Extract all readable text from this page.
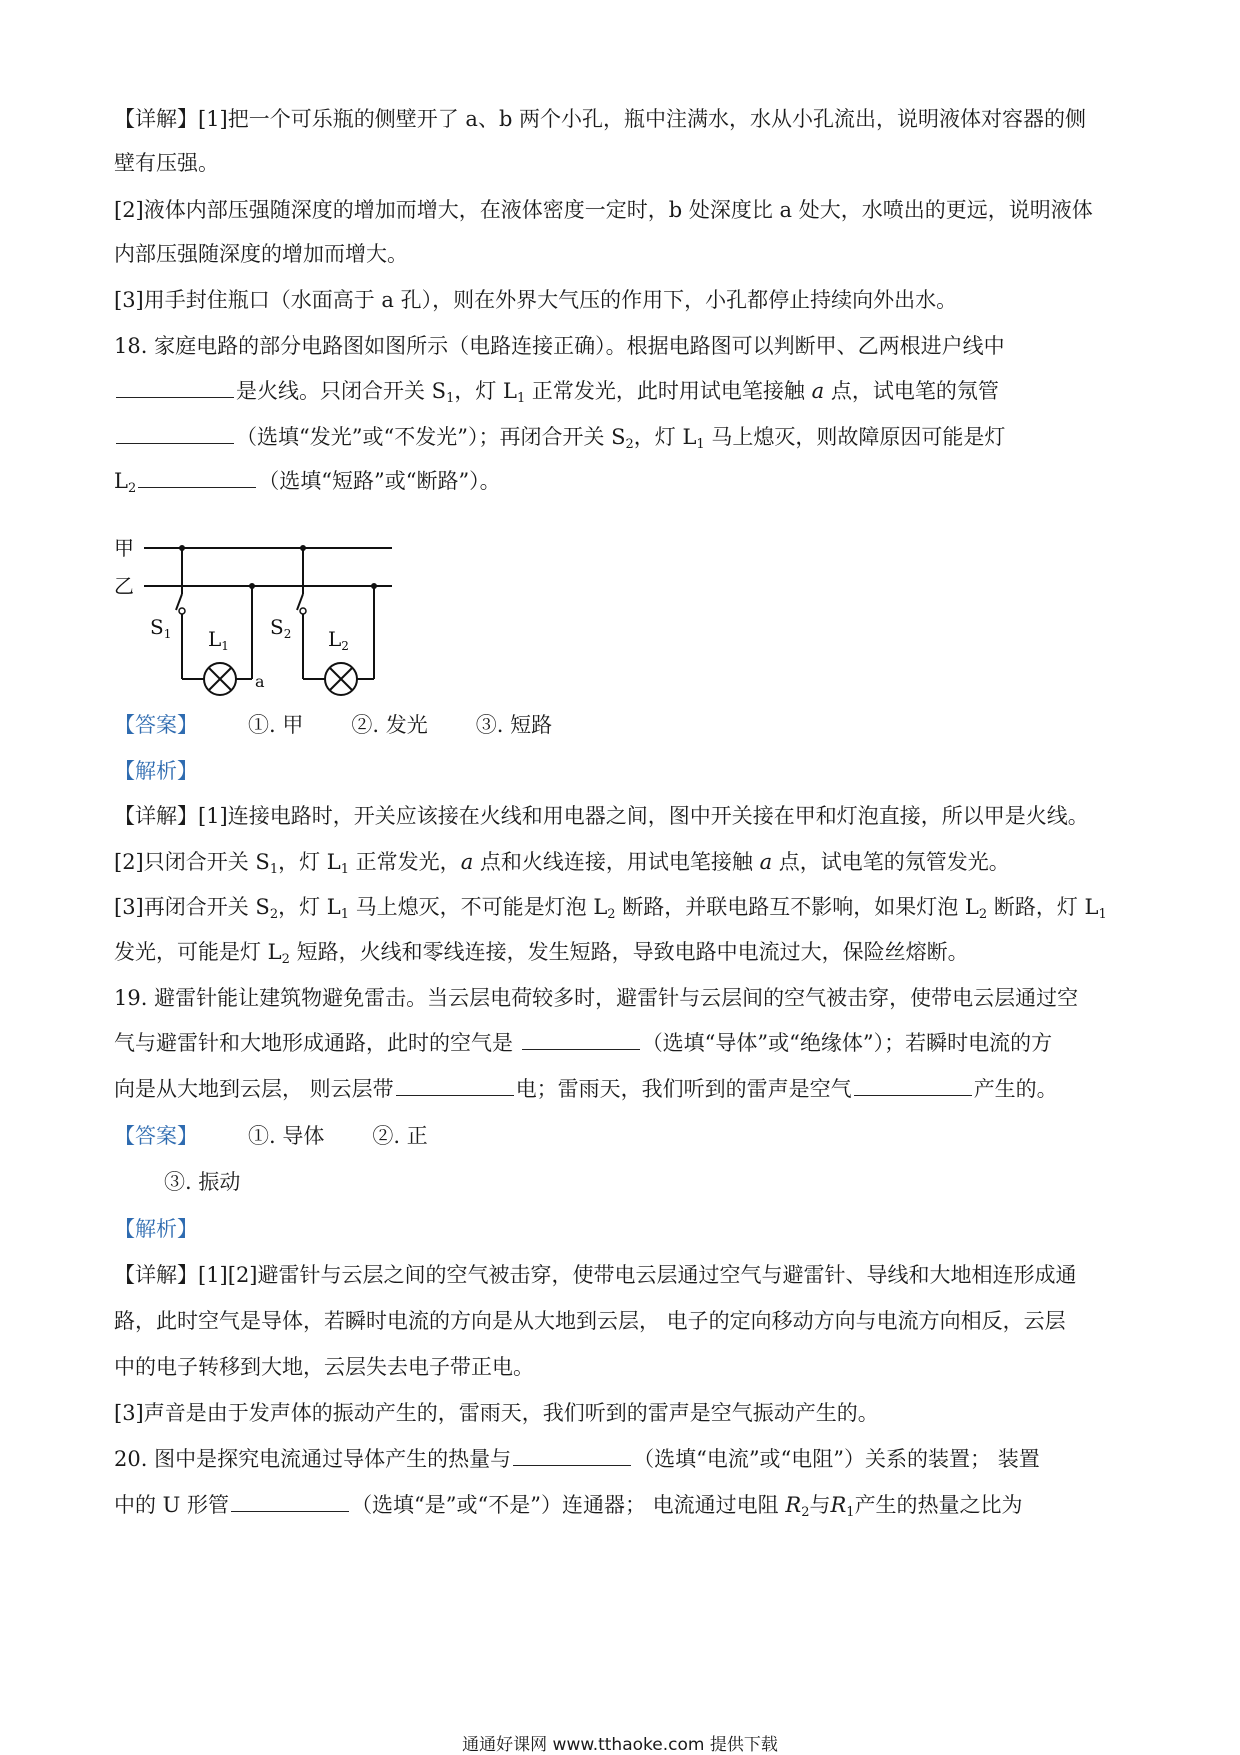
【详解】[1]把一个可乐瓶的侧壁开了 a、b 两个小孔，瓶中注满水，水从小孔流出，说明液体对容器的侧
壁有压强。
[2]液体内部压强随深度的增加而增大，在液体密度一定时，b 处深度比 a 处大，水喷出的更远，说明液体
内部压强随深度的增加而增大。
[3]用手封住瓶口（水面高于 a 孔），则在外界大气压的作用下，小孔都停止持续向外出水。
18. 家庭电路的部分电路图如图所示（电路连接正确）。根据电路图可以判断甲、乙两根进户线中
是火线。只闭合开关 $S_1$，灯 $L_1$ 正常发光，此时用试电笔接触 a 点，试电笔的氖管
（选填“发光”或“不发光”）；再闭合开关 $S_2$，灯 $L_1$ 马上熄灭，则故障原因可能是灯
$L_2$	（选填“短路”或“断路”）。
甲
乙
$S_1$ $L_1$
$S_2$ $L_2$
a
【答案】 ①. 甲 ②. 发光 ③. 短路
【解析】
【详解】[1]连接电路时，开关应该接在火线和用电器之间，图中开关接在甲和灯泡直接，所以甲是火线。
[2]只闭合开关 $S_1$，灯 $L_1$ 正常发光，a 点和火线连接，用试电笔接触 a 点，试电笔的氖管发光。
[3]再闭合开关 $S_2$，灯 $L_1$ 马上熄灭，不可能是灯泡 $L_2$ 断路，并联电路互不影响，如果灯泡 $L_2$ 断路，灯 $L_1$
发光，可能是灯 $L_2$ 短路，火线和零线连接，发生短路，导致电路中电流过大，保险丝熔断。
19. 避雷针能让建筑物避免雷击。当云层电荷较多时，避雷针与云层间的空气被击穿，使带电云层通过空
气与避雷针和大地形成通路，此时的空气是	（选填“导体”或“绝缘体”）；若瞬时电流的方
向是从大地到云层， 则云层带	电；雷雨天，我们听到的雷声是空气	产生的。
【答案】 ①. 导体 ②. 正
③. 振动
【解析】
【详解】[1][2]避雷针与云层之间的空气被击穿，使带电云层通过空气与避雷针、导线和大地相连形成通
路，此时空气是导体，若瞬时电流的方向是从大地到云层， 电子的定向移动方向与电流方向相反，云层
中的电子转移到大地，云层失去电子带正电。
[3]声音是由于发声体的振动产生的，雷雨天，我们听到的雷声是空气振动产生的。
20. 图中是探究电流通过导体产生的热量与	（选填“电流”或“电阻”）关系的装置； 装置
中的 U 形管	（选填“是”或“不是”）连通器； 电流通过电阻 $R_2$与$R_1$产生的热量之比为
通通好课网 www.tthaoke.com 提供下载
